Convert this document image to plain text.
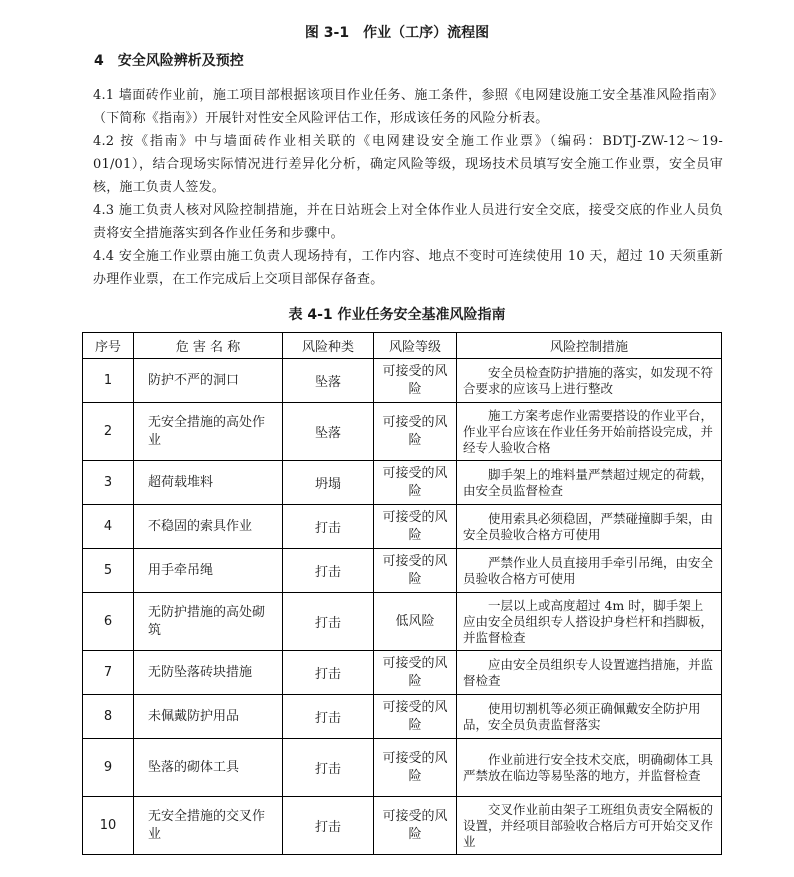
图 3-1　作业（工序）流程图
4 安全风险辨析及预控

4.1 墙面砖作业前，施工项目部根据该项目作业任务、施工条件，参照《电网建设施工安全基准风险指南》（下简称《指南》）开展针对性安全风险评估工作，形成该任务的风险分析表。

4.2 按《指南》中与墙面砖作业相关联的《电网建设安全施工作业票》（编码：BDTJ-ZW-12～19-01/01），结合现场实际情况进行差异化分析，确定风险等级，现场技术员填写安全施工作业票，安全员审核，施工负责人签发。

4.3 施工负责人核对风险控制措施，并在日站班会上对全体作业人员进行安全交底，接受交底的作业人员负责将安全措施落实到各作业任务和步骤中。

4.4 安全施工作业票由施工负责人现场持有，工作内容、地点不变时可连续使用 10 天，超过 10 天须重新办理作业票，在工作完成后上交项目部保存备查。

表 4-1 作业任务安全基准风险指南
序号	危 害 名 称	风险种类	风险等级	风险控制措施
1	防护不严的洞口	坠落	可接受的风险	安全员检查防护措施的落实，如发现不符合要求的应该马上进行整改
2	无安全措施的高处作业	坠落	可接受的风险	施工方案考虑作业需要搭设的作业平台，作业平台应该在作业任务开始前搭设完成，并经专人验收合格
3	超荷载堆料	坍塌	可接受的风险	脚手架上的堆料量严禁超过规定的荷载，由安全员监督检查
4	不稳固的索具作业	打击	可接受的风险	使用索具必须稳固，严禁碰撞脚手架，由安全员验收合格方可使用
5	用手牵吊绳	打击	可接受的风险	严禁作业人员直接用手牵引吊绳，由安全员验收合格方可使用
6	无防护措施的高处砌筑	打击	低风险	一层以上或高度超过 4m 时，脚手架上应由安全员组织专人搭设护身栏杆和挡脚板，并监督检查
7	无防坠落砖块措施	打击	可接受的风险	应由安全员组织专人设置遮挡措施，并监督检查
8	未佩戴防护用品	打击	可接受的风险	使用切割机等必须正确佩戴安全防护用品，安全员负责监督落实
9	坠落的砌体工具	打击	可接受的风险	作业前进行安全技术交底，明确砌体工具严禁放在临边等易坠落的地方，并监督检查
10	无安全措施的交叉作业	打击	可接受的风险	交叉作业前由架子工班组负责安全隔板的设置，并经项目部验收合格后方可开始交叉作业
